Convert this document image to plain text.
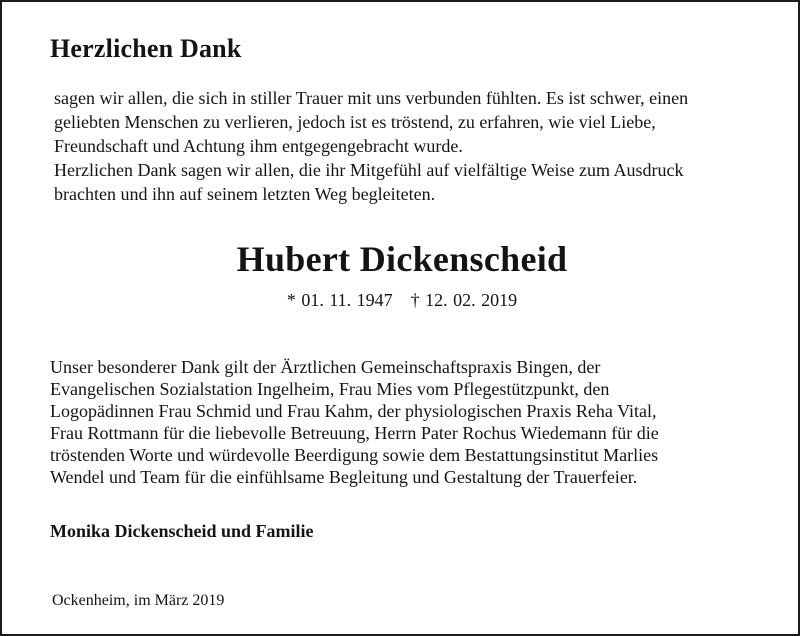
Herzlichen Dank
sagen wir allen, die sich in stiller Trauer mit uns verbunden fühlten. Es ist schwer, einen
geliebten Menschen zu verlieren, jedoch ist es tröstend, zu erfahren, wie viel Liebe,
Freundschaft und Achtung ihm entgegengebracht wurde.
Herzlichen Dank sagen wir allen, die ihr Mitgefühl auf vielfältige Weise zum Ausdruck
brachten und ihn auf seinem letzten Weg begleiteten.
Hubert Dickenscheid
* 01. 11. 1947 † 12. 02. 2019
Unser besonderer Dank gilt der Ärztlichen Gemeinschaftspraxis Bingen, der
Evangelischen Sozialstation Ingelheim, Frau Mies vom Pflegestützpunkt, den
Logopädinnen Frau Schmid und Frau Kahm, der physiologischen Praxis Reha Vital,
Frau Rottmann für die liebevolle Betreuung, Herrn Pater Rochus Wiedemann für die
tröstenden Worte und würdevolle Beerdigung sowie dem Bestattungsinstitut Marlies
Wendel und Team für die einfühlsame Begleitung und Gestaltung der Trauerfeier.
Monika Dickenscheid und Familie
Ockenheim, im März 2019
